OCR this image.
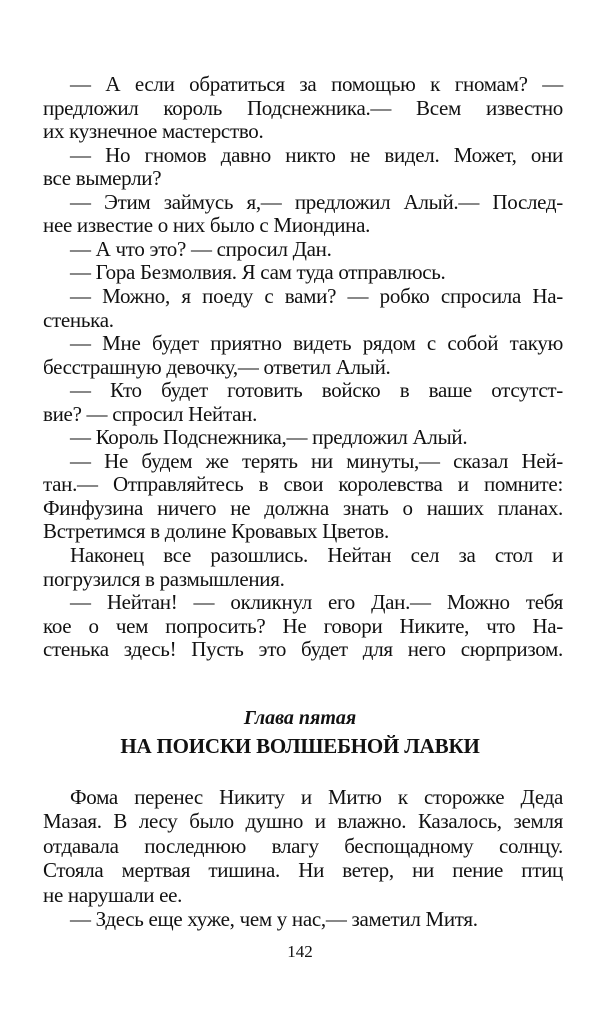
— А если обратиться за помощью к гномам? —
предложил король Подснежника.— Всем известно
их кузнечное мастерство.
— Но гномов давно никто не видел. Может, они
все вымерли?
— Этим займусь я,— предложил Алый.— Послед-
нее известие о них было с Миондина.
— А что это? — спросил Дан.
— Гора Безмолвия. Я сам туда отправлюсь.
— Можно, я поеду с вами? — робко спросила На-
стенька.
— Мне будет приятно видеть рядом с собой такую
бесстрашную девочку,— ответил Алый.
— Кто будет готовить войско в ваше отсутст-
вие? — спросил Нейтан.
— Король Подснежника,— предложил Алый.
— Не будем же терять ни минуты,— сказал Ней-
тан.— Отправляйтесь в свои королевства и помните:
Финфузина ничего не должна знать о наших планах.
Встретимся в долине Кровавых Цветов.
Наконец все разошлись. Нейтан сел за стол и
погрузился в размышления.
— Нейтан! — окликнул его Дан.— Можно тебя
кое о чем попросить? Не говори Никите, что На-
стенька здесь! Пусть это будет для него сюрпризом.
Глава пятая
НА ПОИСКИ ВОЛШЕБНОЙ ЛАВКИ
Фома перенес Никиту и Митю к сторожке Деда
Мазая. В лесу было душно и влажно. Казалось, земля
отдавала последнюю влагу беспощадному солнцу.
Стояла мертвая тишина. Ни ветер, ни пение птиц
не нарушали ее.
— Здесь еще хуже, чем у нас,— заметил Митя.
142
